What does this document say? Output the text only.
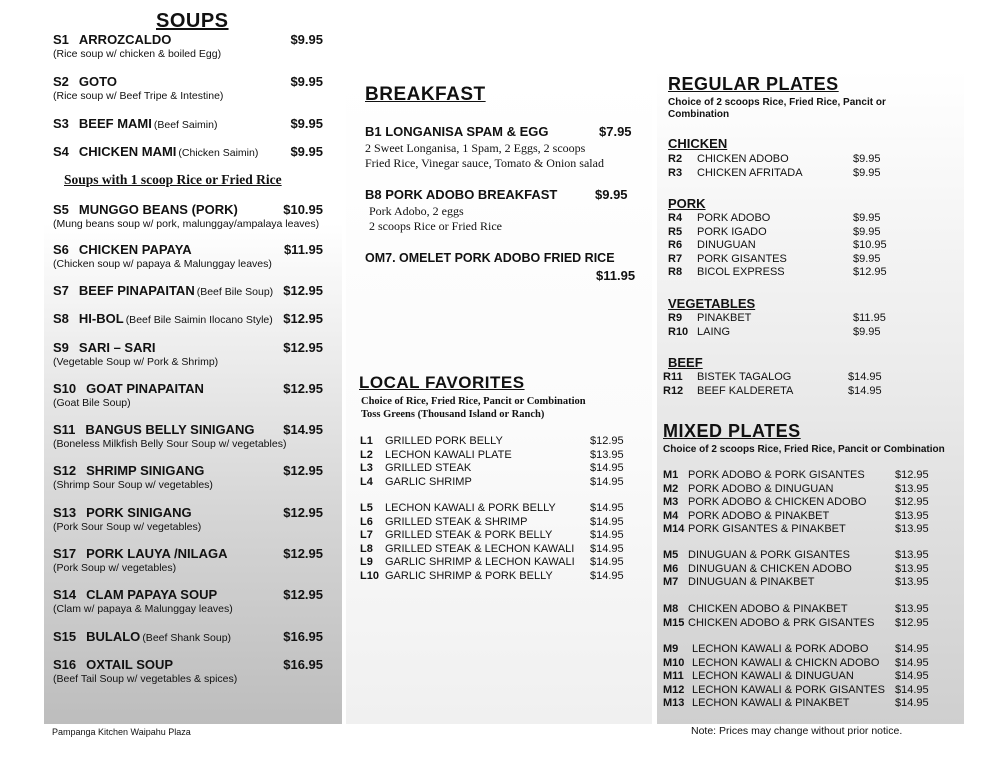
SOUPS
S1 ARROZCALDO	$9.95
(Rice soup w/ chicken & boiled Egg)
S2 GOTO	$9.95
(Rice soup w/ Beef Tripe & Intestine)
S3 BEEF MAMI (Beef Saimin)	$9.95
S4 CHICKEN MAMI (Chicken Saimin) $9.95
Soups with 1 scoop Rice or Fried Rice
S5 MUNGGO BEANS (PORK)	$10.95
(Mung beans soup w/ pork, malunggay/ampalaya leaves)
S6 CHICKEN PAPAYA	$11.95
(Chicken soup w/ papaya & Malunggay leaves)
S7 BEEF PINAPAITAN (Beef Bile Soup) $12.95
S8 HI-BOL (Beef Bile Saimin Ilocano Style) $12.95
S9 SARI – SARI	$12.95
(Vegetable Soup w/ Pork & Shrimp)
S10 GOAT PINAPAITAN	$12.95
(Goat Bile Soup)
S11 BANGUS BELLY SINIGANG $14.95
(Boneless Milkfish Belly Sour Soup w/ vegetables)
S12 SHRIMP SINIGANG	$12.95
(Shrimp Sour Soup w/ vegetables)
S13 PORK SINIGANG	$12.95
(Pork Sour Soup w/ vegetables)
S17 PORK LAUYA /NILAGA	$12.95
(Pork Soup w/ vegetables)
S14 CLAM PAPAYA SOUP	$12.95
(Clam w/ papaya & Malunggay leaves)
S15 BULALO (Beef Shank Soup)	$16.95
S16 OXTAIL SOUP	$16.95
(Beef Tail Soup w/ vegetables & spices)
BREAKFAST
B1 LONGANISA SPAM & EGG	$7.95
2 Sweet Longanisa, 1 Spam, 2 Eggs, 2 scoops
Fried Rice, Vinegar sauce, Tomato & Onion salad
B8 PORK ADOBO BREAKFAST	$9.95
Pork Adobo, 2 eggs
2 scoops Rice or Fried Rice
OM7. OMELET PORK ADOBO FRIED RICE
$11.95
LOCAL FAVORITES
Choice of Rice, Fried Rice, Pancit or Combination
Toss Greens (Thousand Island or Ranch)
L1 GRILLED PORK BELLY	$12.95
L2 LECHON KAWALI PLATE	$13.95
L3 GRILLED STEAK	$14.95
L4 GARLIC SHRIMP	$14.95
L5 LECHON KAWALI & PORK BELLY	$14.95
L6 GRILLED STEAK & SHRIMP	$14.95
L7 GRILLED STEAK & PORK BELLY	$14.95
L8 GRILLED STEAK & LECHON KAWALI $14.95
L9 GARLIC SHRIMP & LECHON KAWALI $14.95
L10 GARLIC SHRIMP & PORK BELLY	$14.95
REGULAR PLATES
Choice of 2 scoops Rice, Fried Rice, Pancit or
Combination
CHICKEN
R2 CHICKEN ADOBO	$9.95
R3 CHICKEN AFRITADA	$9.95
PORK
R4 PORK ADOBO	$9.95
R5 PORK IGADO	$9.95
R6 DINUGUAN	$10.95
R7 PORK GISANTES	$9.95
R8 BICOL EXPRESS	$12.95
VEGETABLES
R9 PINAKBET	$11.95
R10 LAING	$9.95
BEEF
R11 BISTEK TAGALOG	$14.95
R12 BEEF KALDERETA	$14.95
MIXED PLATES
Choice of 2 scoops Rice, Fried Rice, Pancit or Combination
M1 PORK ADOBO & PORK GISANTES	$12.95
M2 PORK ADOBO & DINUGUAN	$13.95
M3 PORK ADOBO & CHICKEN ADOBO	$12.95
M4 PORK ADOBO & PINAKBET	$13.95
M14 PORK GISANTES & PINAKBET	$13.95
M5 DINUGUAN & PORK GISANTES	$13.95
M6 DINUGUAN & CHICKEN ADOBO	$13.95
M7 DINUGUAN & PINAKBET	$13.95
M8 CHICKEN ADOBO & PINAKBET	$13.95
M15 CHICKEN ADOBO & PRK GISANTES $12.95
M9 LECHON KAWALI & PORK ADOBO $14.95
M10 LECHON KAWALI & CHICKN ADOBO $14.95
M11 LECHON KAWALI & DINUGUAN	$14.95
M12 LECHON KAWALI & PORK GISANTES $14.95
M13 LECHON KAWALI & PINAKBET	$14.95
Pampanga Kitchen Waipahu Plaza	Note: Prices may change without prior notice.
